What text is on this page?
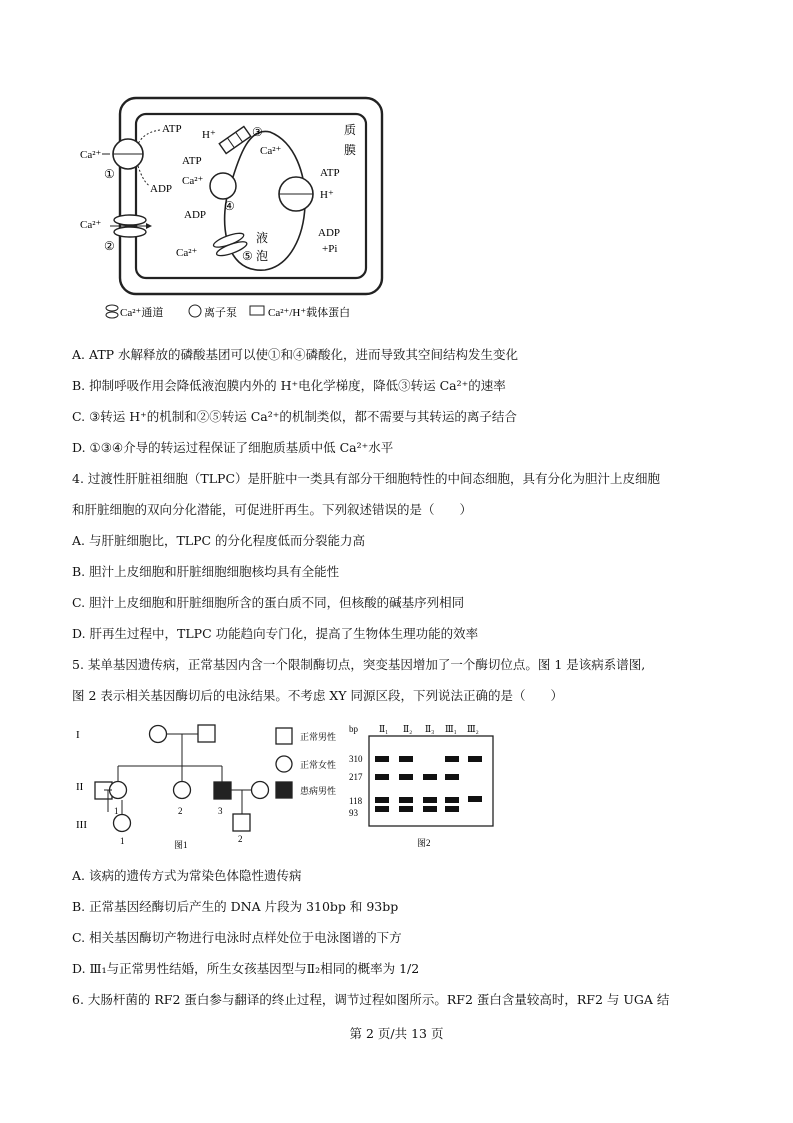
质
膜
液
泡
Ca²⁺
ATP
ADP
①
Ca²⁺
②
H⁺
Ca²⁺
③
ATP
Ca²⁺
ADP
④
Ca²⁺	⑤
ATP
H⁺
ADP
+Pi
Ca²⁺通道	离子泵	Ca²⁺/H⁺载体蛋白
A. ATP 水解释放的磷酸基团可以使①和④磷酸化，进而导致其空间结构发生变化
B. 抑制呼吸作用会降低液泡膜内外的 H⁺电化学梯度，降低③转运 Ca²⁺的速率
C. ③转运 H⁺的机制和②⑤转运 Ca²⁺的机制类似，都不需要与其转运的离子结合
D. ①③④介导的转运过程保证了细胞质基质中低 Ca²⁺水平
4. 过渡性肝脏祖细胞（TLPC）是肝脏中一类具有部分干细胞特性的中间态细胞，具有分化为胆汁上皮细胞
和肝脏细胞的双向分化潜能，可促进肝再生。下列叙述错误的是（　　）
A. 与肝脏细胞比，TLPC 的分化程度低而分裂能力高
B. 胆汁上皮细胞和肝脏细胞细胞核均具有全能性
C. 胆汁上皮细胞和肝脏细胞所含的蛋白质不同，但核酸的碱基序列相同
D. 肝再生过程中，TLPC 功能趋向专门化，提高了生物体生理功能的效率
5. 某单基因遗传病，正常基因内含一个限制酶切点，突变基因增加了一个酶切位点。图 1 是该病系谱图,
图 2 表示相关基因酶切后的电泳结果。不考虑 XY 同源区段，下列说法正确的是（　　）
I
II
III
1	2	3
1	2
图1
正常男性
正常女性
患病男性
bp Ⅱ₁ Ⅱ₂ Ⅱ₃ Ⅲ₁ Ⅲ₂
310
217
118
93
图2
A. 该病的遗传方式为常染色体隐性遗传病
B. 正常基因经酶切后产生的 DNA 片段为 310bp 和 93bp
C. 相关基因酶切产物进行电泳时点样处位于电泳图谱的下方
D. Ⅲ₁与正常男性结婚，所生女孩基因型与Ⅱ₂相同的概率为 1/2
6. 大肠杆菌的 RF2 蛋白参与翻译的终止过程，调节过程如图所示。RF2 蛋白含量较高时，RF2 与 UGA 结
第 2 页/共 13 页
